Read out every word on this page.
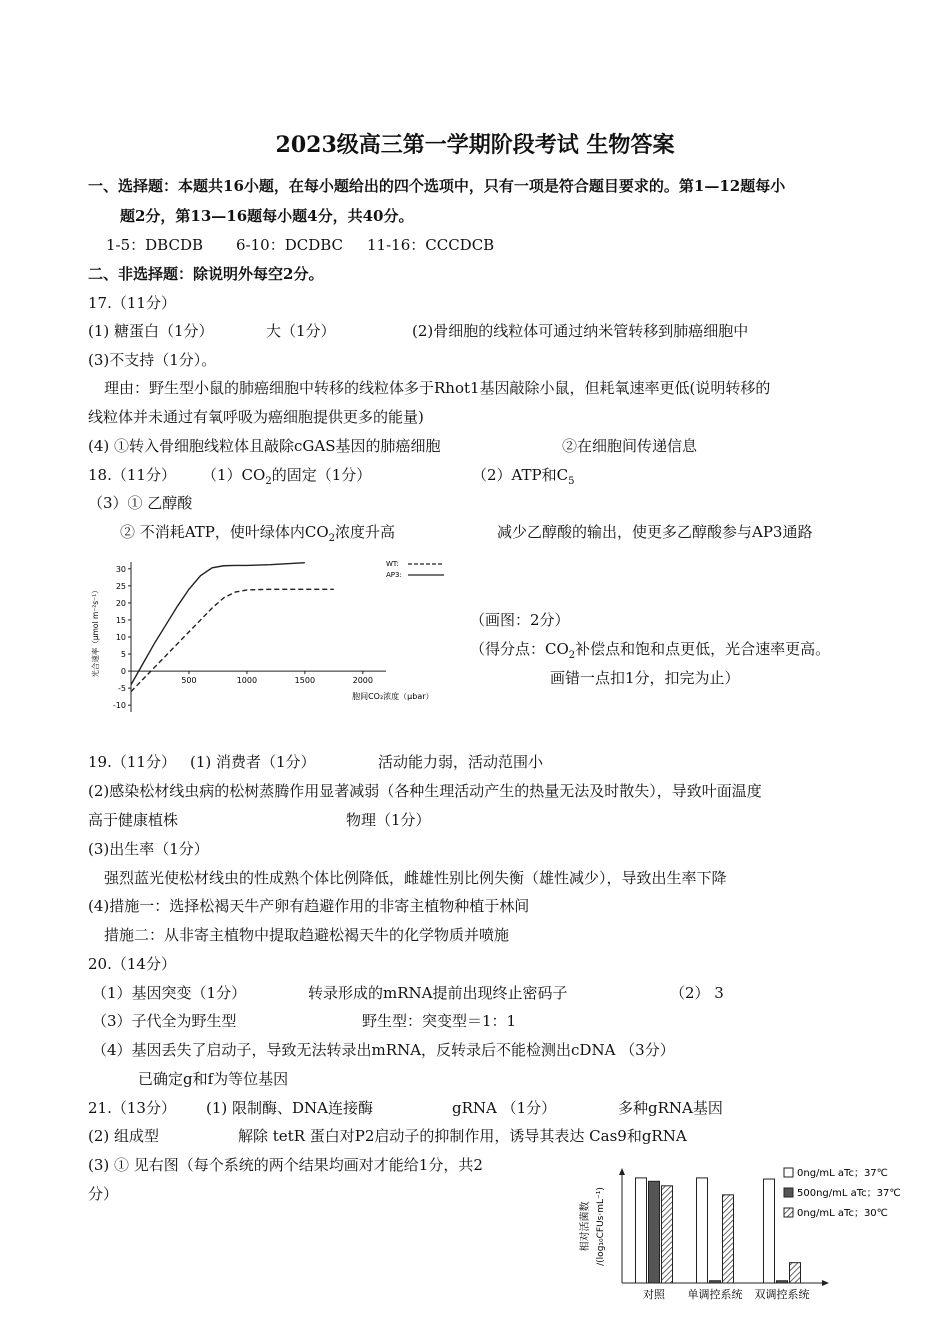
2023级高三第一学期阶段考试 生物答案
一、选择题：本题共16小题，在每小题给出的四个选项中，只有一项是符合题目要求的。第1—12题每小
题2分，第13—16题每小题4分，共40分。
1-5：DBCDB 6-10：DCDBC 11-16：CCCDCB
二、非选择题：除说明外每空2分。
17.（11分）
(1) 糖蛋白（1分）	大（1分）	(2)骨细胞的线粒体可通过纳米管转移到肺癌细胞中
(3)不支持（1分）。
理由：野生型小鼠的肺癌细胞中转移的线粒体多于Rhot1基因敲除小鼠，但耗氧速率更低(说明转移的
线粒体并未通过有氧呼吸为癌细胞提供更多的能量)
(4) ①转入骨细胞线粒体且敲除cGAS基因的肺癌细胞	②在细胞间传递信息
18.（11分） $(1)CO_2$的固定（1分）	（2）ATP和$C_5$
（3）① 乙醇酸
② 不消耗ATP，使叶绿体内$CO_2$浓度升高	减少乙醇酸的输出，使更多乙醇酸参与AP3通路
（画图：2分）
（得分点：$CO_2$补偿点和饱和点更低，光合速率更高。
画错一点扣1分，扣完为止）
30
25
20
15
10
5
0
-5
-10
500	1000	1500	2000
光合速率（μmol m⁻²s⁻¹）
胞间CO₂浓度（μbar）
WT:
AP3:
19.（11分） (1) 消费者（1分）	活动能力弱，活动范围小
(2)感染松材线虫病的松树蒸腾作用显著减弱（各种生理活动产生的热量无法及时散失），导致叶面温度
高于健康植株	物理（1分）
(3)出生率（1分）
强烈蓝光使松材线虫的性成熟个体比例降低，雌雄性别比例失衡（雄性减少），导致出生率下降
(4)措施一：选择松褐天牛产卵有趋避作用的非寄主植物种植于林间
措施二：从非寄主植物中提取趋避松褐天牛的化学物质并喷施
20.（14分）
（1）基因突变（1分）	转录形成的mRNA提前出现终止密码子	（2） 3
（3）子代全为野生型	野生型：突变型＝1：1
（4）基因丢失了启动子，导致无法转录出mRNA，反转录后不能检测出cDNA （3分）
已确定g和f为等位基因
21.（13分） (1) 限制酶、DNA连接酶	gRNA （1分）	多种gRNA基因
(2) 组成型	解除 tetR 蛋白对P2启动子的抑制作用，诱导其表达 Cas9和gRNA
(3) ① 见右图（每个系统的两个结果均画对才能给1分，共2
分）
相对活菌数 /(log₁₀CFUs·mL⁻¹)
对照 单调控系统 双调控系统
0ng/mL aTc；37℃
500ng/mL aTc；37℃
0ng/mL aTc；30℃
